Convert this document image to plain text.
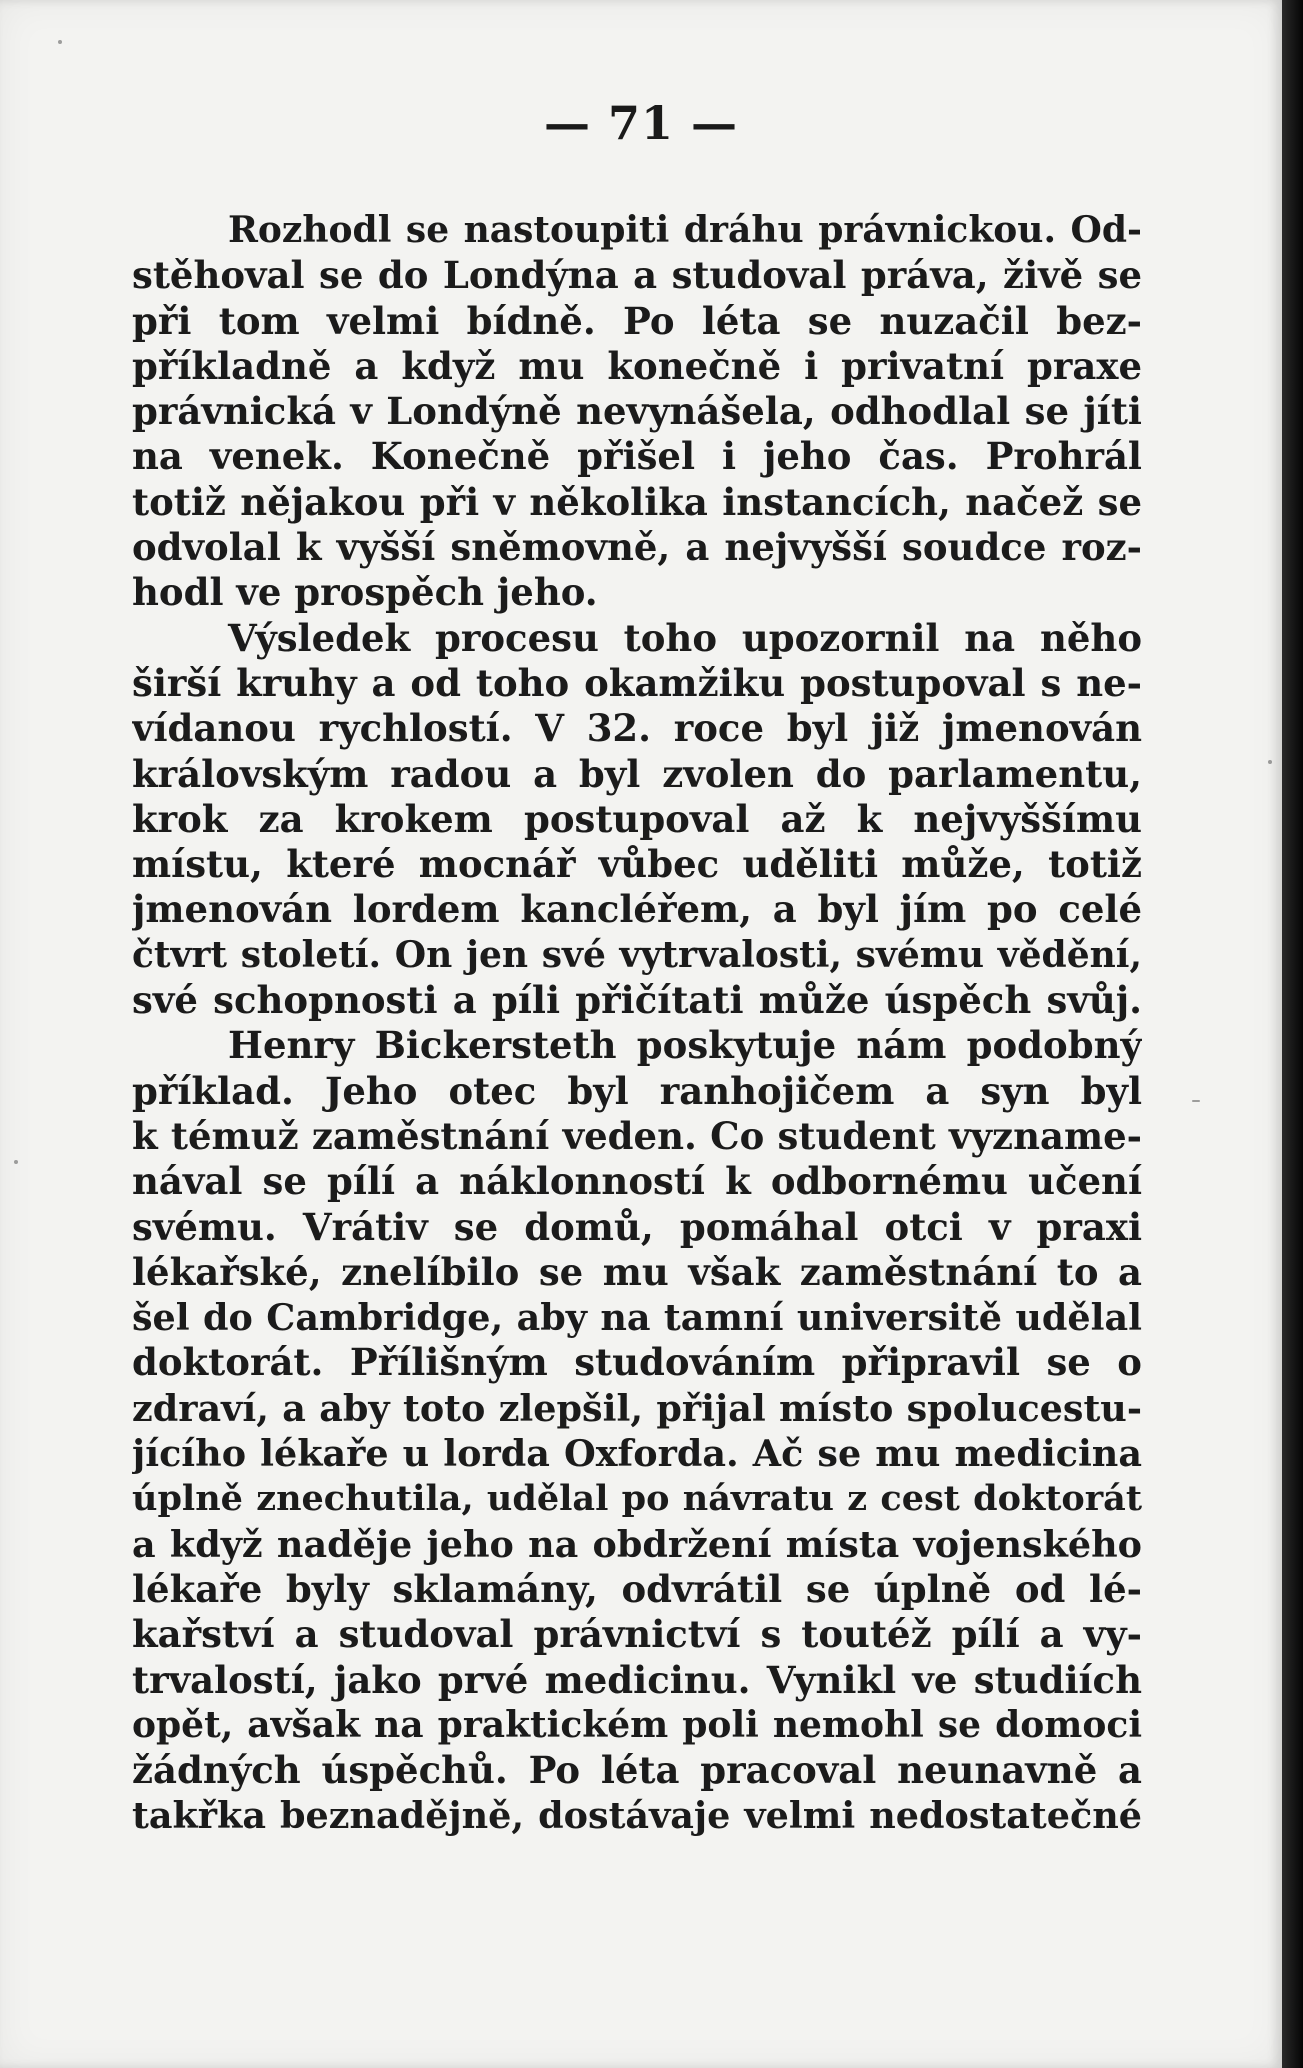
— 71 —
Rozhodl se nastoupiti dráhu právnickou. Od-
stěhoval se do Londýna a studoval práva, živě se
při tom velmi bídně. Po léta se nuzačil bez-
příkladně a když mu konečně i privatní praxe
právnická v Londýně nevynášela, odhodlal se jíti
na venek. Konečně přišel i jeho čas. Prohrál
totiž nějakou při v několika instancích, načež se
odvolal k vyšší sněmovně, a nejvyšší soudce roz-
hodl ve prospěch jeho.
Výsledek procesu toho upozornil na něho
širší kruhy a od toho okamžiku postupoval s ne-
vídanou rychlostí. V 32. roce byl již jmenován
královským radou a byl zvolen do parlamentu,
krok za krokem postupoval až k nejvyššímu
místu, které mocnář vůbec uděliti může, totiž
jmenován lordem kancléřem, a byl jím po celé
čtvrt století. On jen své vytrvalosti, svému vědění,
své schopnosti a píli přičítati může úspěch svůj.
Henry Bickersteth poskytuje nám podobný
příklad. Jeho otec byl ranhojičem a syn byl
k témuž zaměstnání veden. Co student vyzname-
nával se pílí a náklonností k odbornému učení
svému. Vrátiv se domů, pomáhal otci v praxi
lékařské, znelíbilo se mu však zaměstnání to a
šel do Cambridge, aby na tamní universitě udělal
doktorát. Přílišným studováním připravil se o
zdraví, a aby toto zlepšil, přijal místo spolucestu-
jícího lékaře u lorda Oxforda. Ač se mu medicina
úplně znechutila, udělal po návratu z cest doktorát
a když naděje jeho na obdržení místa vojenského
lékaře byly sklamány, odvrátil se úplně od lé-
kařství a studoval právnictví s toutéž pílí a vy-
trvalostí, jako prvé medicinu. Vynikl ve studiích
opět, avšak na praktickém poli nemohl se domoci
žádných úspěchů. Po léta pracoval neunavně a
takřka beznadějně, dostávaje velmi nedostatečné
